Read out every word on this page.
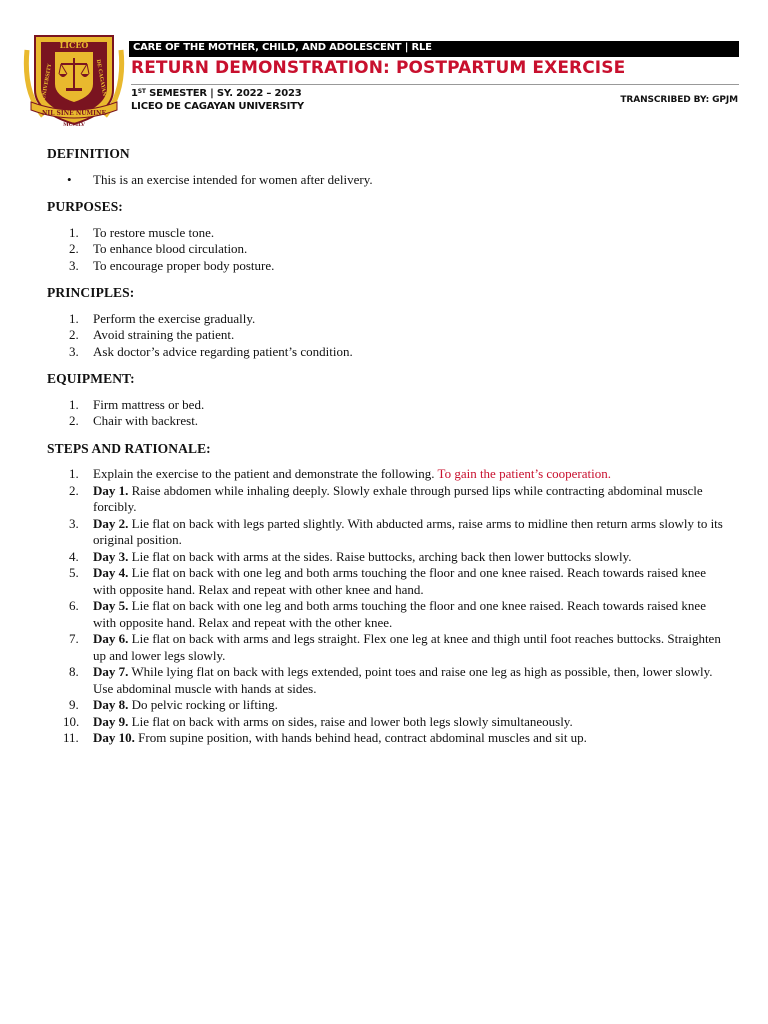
NIL SINE NUMINE
LICEO
UNIVERSITY	DE CAGAYAN
MCMLV
CARE OF THE MOTHER, CHILD, AND ADOLESCENT | RLE
RETURN DEMONSTRATION: POSTPARTUM EXERCISE
1ST SEMESTER | SY. 2022 – 2023
LICEO DE CAGAYAN UNIVERSITY
TRANSCRIBED BY: GPJM
DEFINITION
• This is an exercise intended for women after delivery.
PURPOSES:
1.	To restore muscle tone.
2.	To enhance blood circulation.
3.	To encourage proper body posture.
PRINCIPLES:
1.	Perform the exercise gradually.
2.	Avoid straining the patient.
3.	Ask doctor’s advice regarding patient’s condition.
EQUIPMENT:
1.	Firm mattress or bed.
2.	Chair with backrest.
STEPS AND RATIONALE:
1.	Explain the exercise to the patient and demonstrate the following. To gain the patient’s cooperation.
2.	Day 1. Raise abdomen while inhaling deeply. Slowly exhale through pursed lips while contracting abdominal muscle forcibly.
3.	Day 2. Lie flat on back with legs parted slightly. With abducted arms, raise arms to midline then return arms slowly to its original position.
4.	Day 3. Lie flat on back with arms at the sides. Raise buttocks, arching back then lower buttocks slowly.
5.	Day 4. Lie flat on back with one leg and both arms touching the floor and one knee raised. Reach towards raised knee with opposite hand. Relax and repeat with other knee and hand.
6.	Day 5. Lie flat on back with one leg and both arms touching the floor and one knee raised. Reach towards raised knee with opposite hand. Relax and repeat with the other knee.
7.	Day 6. Lie flat on back with arms and legs straight. Flex one leg at knee and thigh until foot reaches buttocks. Straighten up and lower legs slowly.
8.	Day 7. While lying flat on back with legs extended, point toes and raise one leg as high as possible, then, lower slowly. Use abdominal muscle with hands at sides.
9.	Day 8. Do pelvic rocking or lifting.
10. Day 9. Lie flat on back with arms on sides, raise and lower both legs slowly simultaneously.
11.	Day 10. From supine position, with hands behind head, contract abdominal muscles and sit up.
